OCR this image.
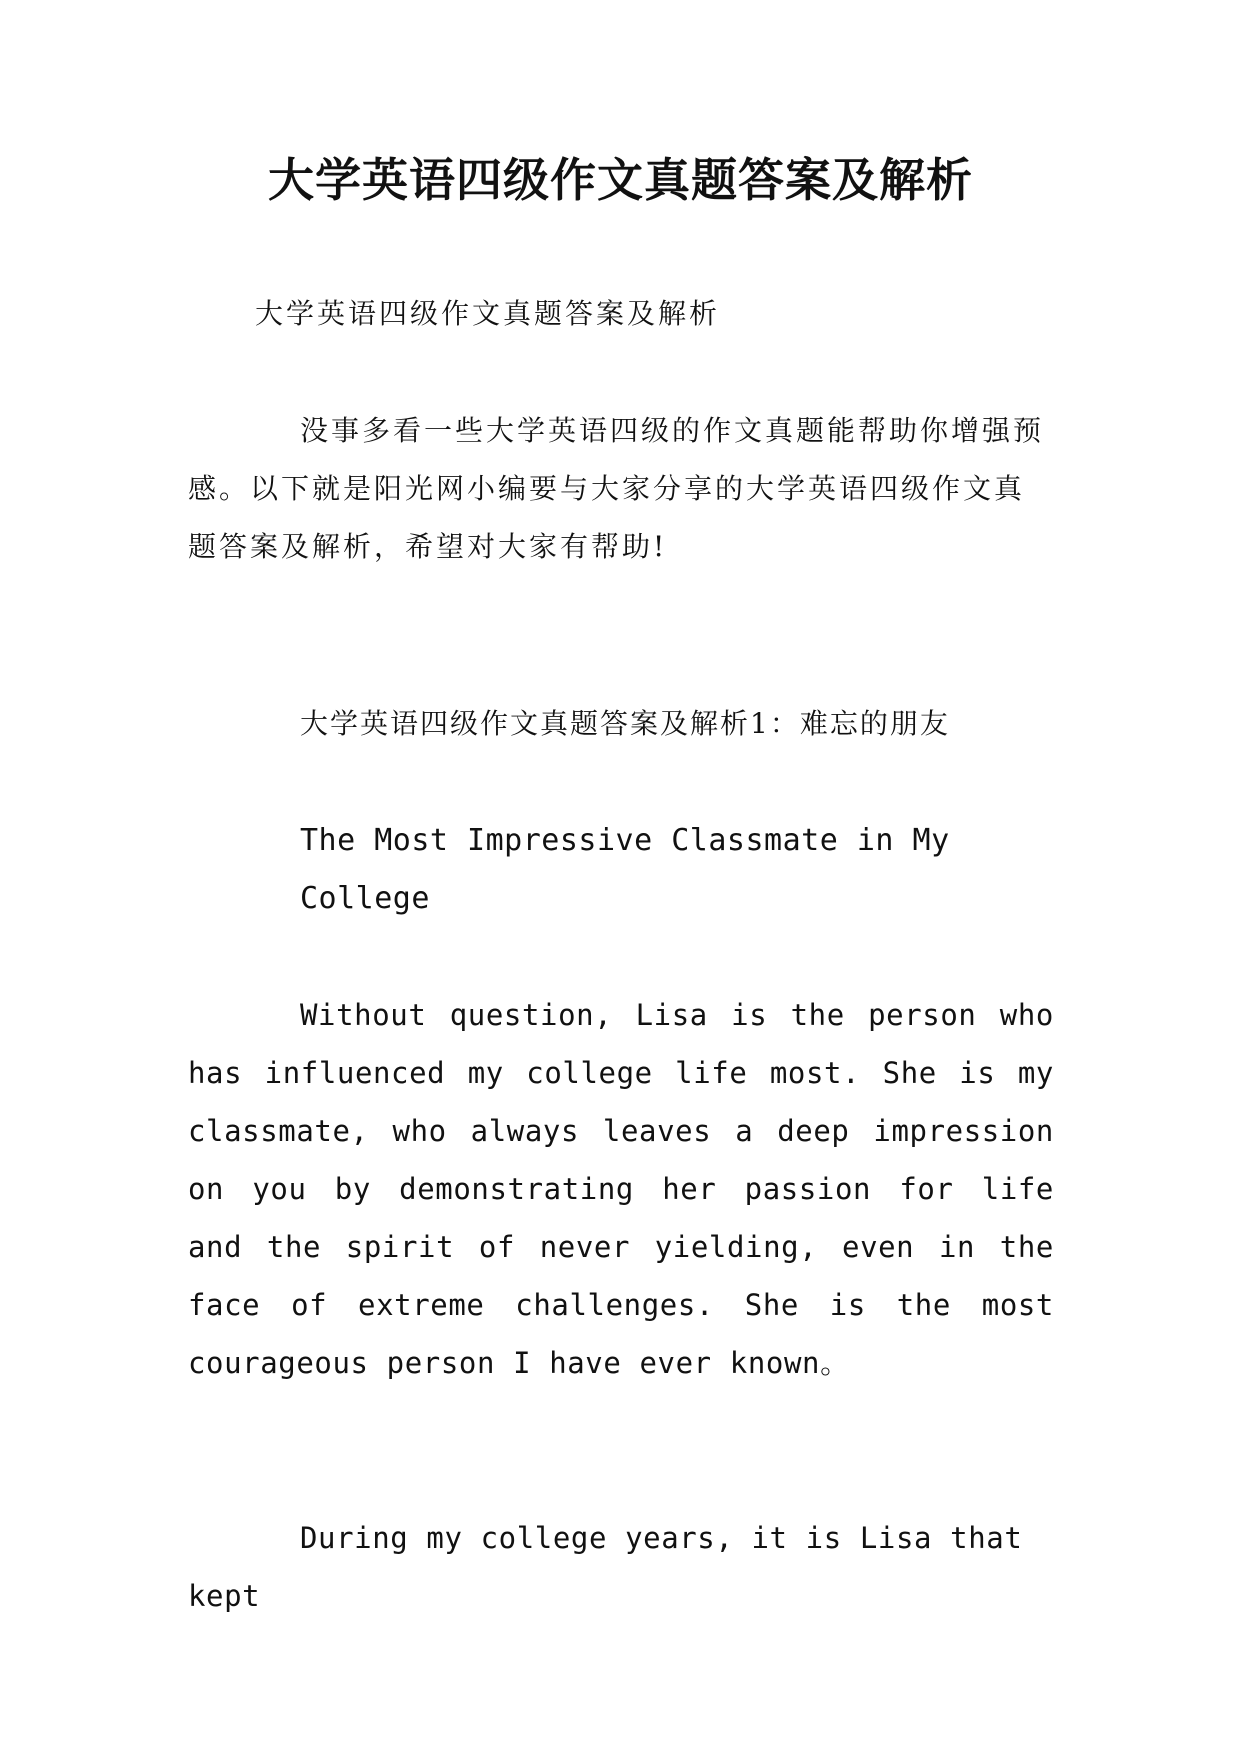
大学英语四级作文真题答案及解析

大学英语四级作文真题答案及解析

没事多看一些大学英语四级的作文真题能帮助你增强预感。以下就是阳光网小编要与大家分享的大学英语四级作文真题答案及解析，希望对大家有帮助!

大学英语四级作文真题答案及解析1：难忘的朋友

The Most Impressive Classmate in My College

Without question, Lisa is the person who has influenced my college life most. She is my classmate, who always leaves a deep impression on you by demonstrating her passion for life and the spirit of never yielding, even in the face of extreme challenges. She is the most courageous person I have ever known。

During my college years, it is Lisa that kept
